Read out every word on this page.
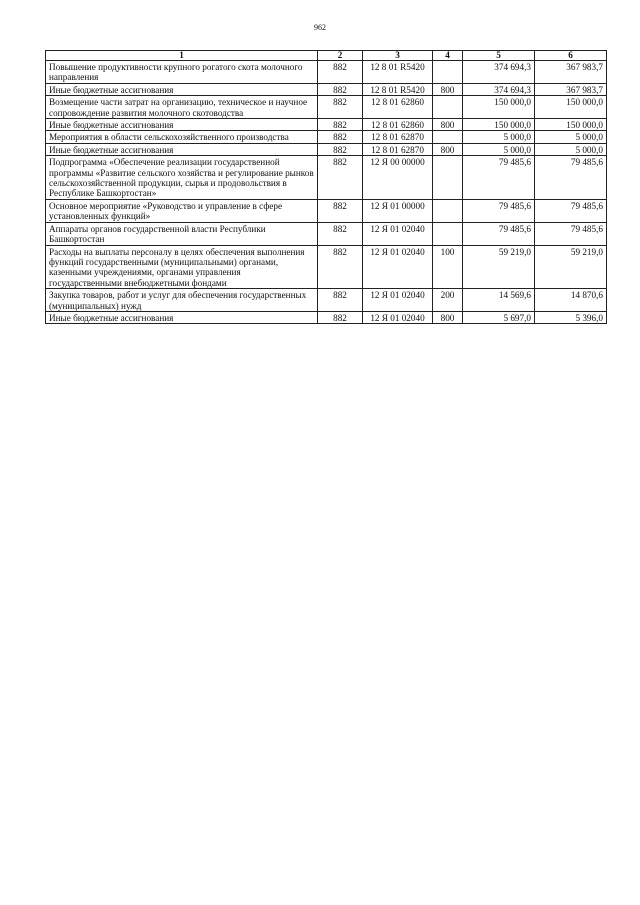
962
1	2	3	4	5	6
Повышение продуктивности крупного рогатого скота молочного направления	882	12 8 01 R5420		374 694,3	367 983,7
Иные бюджетные ассигнования	882	12 8 01 R5420	800	374 694,3	367 983,7
Возмещение части затрат на организацию, техническое и научное сопровождение развития молочного скотоводства	882	12 8 01 62860		150 000,0	150 000,0
Иные бюджетные ассигнования	882	12 8 01 62860	800	150 000,0	150 000,0
Мероприятия в области сельскохозяйственного производства	882	12 8 01 62870		5 000,0	5 000,0
Иные бюджетные ассигнования	882	12 8 01 62870	800	5 000,0	5 000,0
Подпрограмма «Обеспечение реализации государственной программы «Развитие сельского хозяйства и регулирование рынков сельскохозяйственной продукции, сырья и продовольствия в Республике Башкортостан»	882	12 Я 00 00000		79 485,6	79 485,6
Основное мероприятие «Руководство и управление в сфере установленных функций»	882	12 Я 01 00000		79 485,6	79 485,6
Аппараты органов государственной власти Республики Башкортостан	882	12 Я 01 02040		79 485,6	79 485,6
Расходы на выплаты персоналу в целях обеспечения выполнения функций государственными (муниципальными) органами, казенными учреждениями, органами управления государственными внебюджетными фондами	882	12 Я 01 02040	100	59 219,0	59 219,0
Закупка товаров, работ и услуг для обеспечения государственных (муниципальных) нужд	882	12 Я 01 02040	200	14 569,6	14 870,6
Иные бюджетные ассигнования	882	12 Я 01 02040	800	5 697,0	5 396,0
